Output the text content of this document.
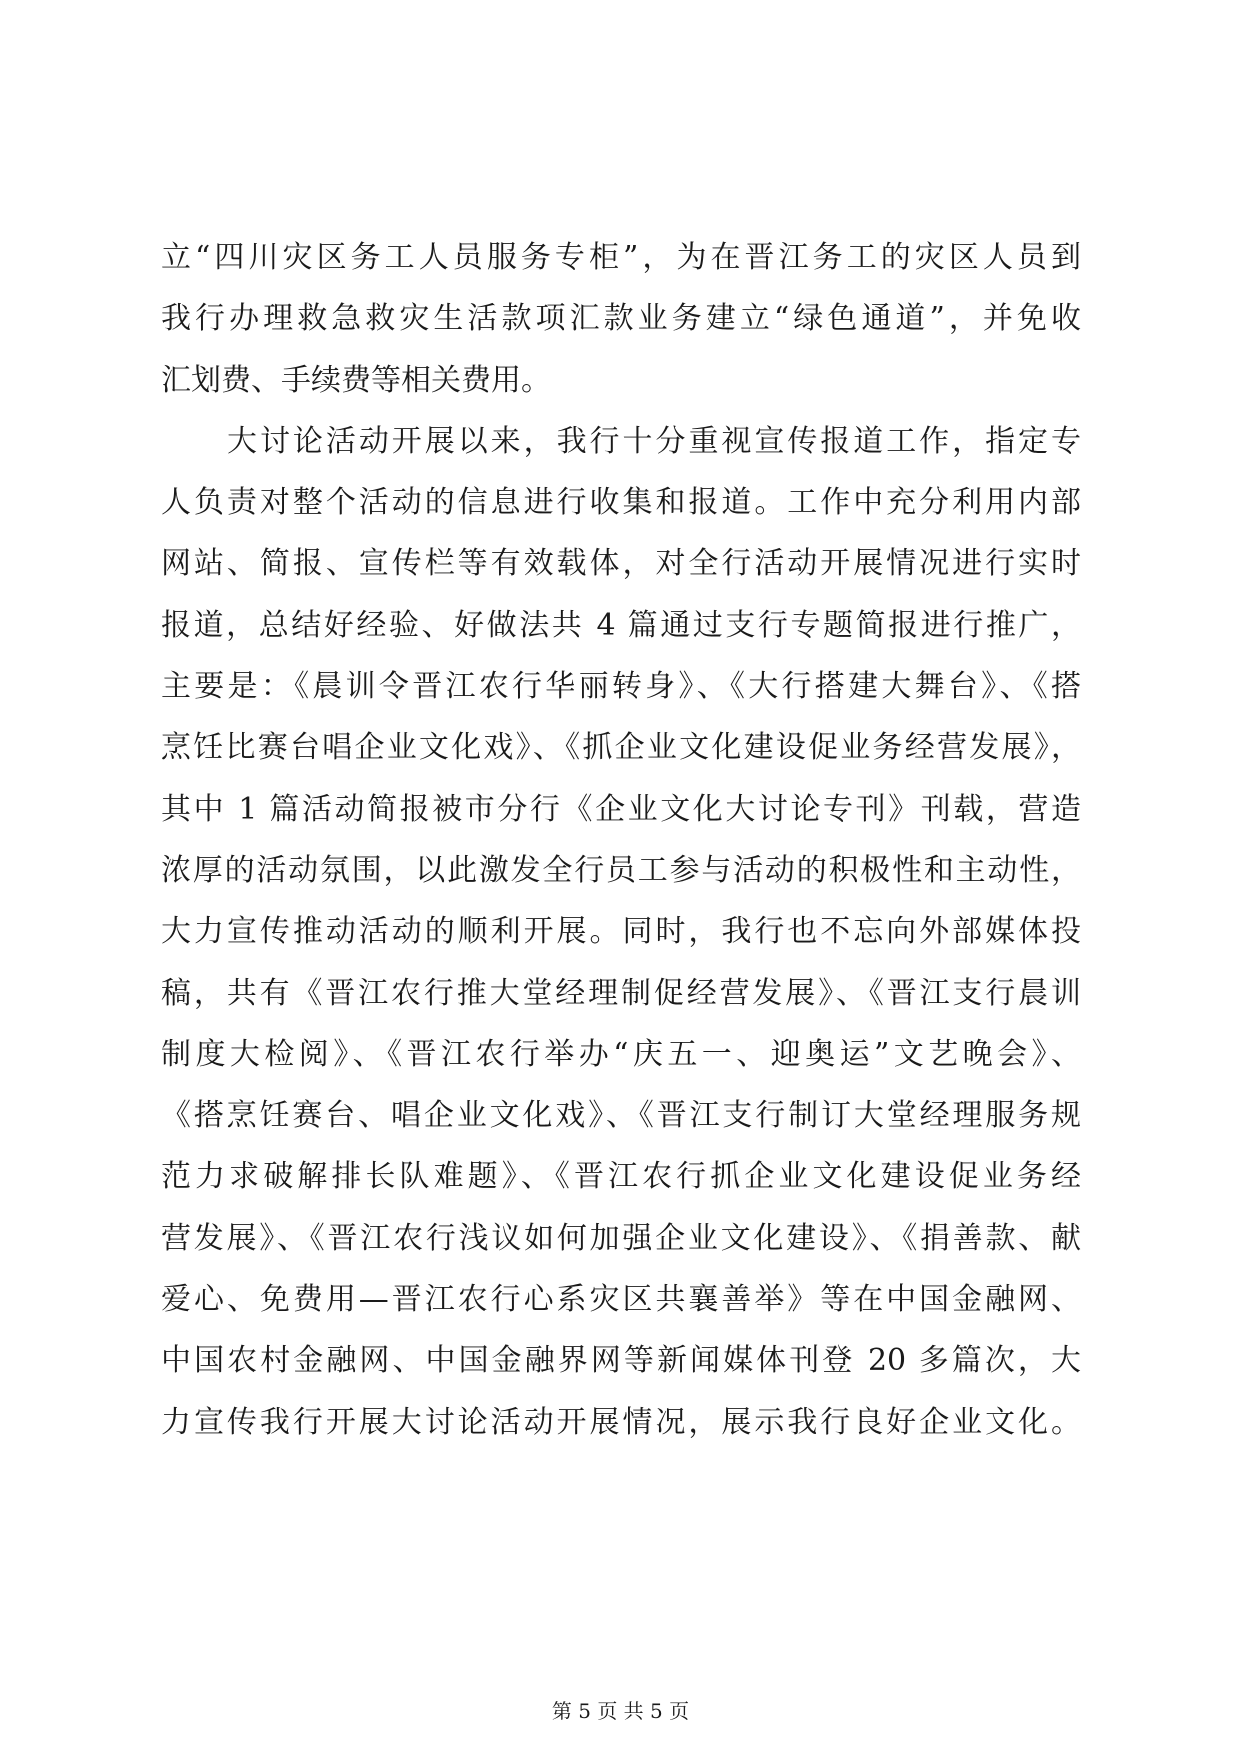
立“四川灾区务工人员服务专柜”，为在晋江务工的灾区人员到
我行办理救急救灾生活款项汇款业务建立“绿色通道”，并免收
汇划费、手续费等相关费用。
大讨论活动开展以来，我行十分重视宣传报道工作，指定专
人负责对整个活动的信息进行收集和报道。工作中充分利用内部
网站、简报、宣传栏等有效载体，对全行活动开展情况进行实时
报道，总结好经验、好做法共 4 篇通过支行专题简报进行推广，
主要是：《晨训令晋江农行华丽转身》、《大行搭建大舞台》、《搭
烹饪比赛台唱企业文化戏》、《抓企业文化建设促业务经营发展》，
其中 1 篇活动简报被市分行《企业文化大讨论专刊》刊载，营造
浓厚的活动氛围，以此激发全行员工参与活动的积极性和主动性，
大力宣传推动活动的顺利开展。同时，我行也不忘向外部媒体投
稿，共有《晋江农行推大堂经理制促经营发展》、《晋江支行晨训
制度大检阅》、《晋江农行举办“庆五一、迎奥运”文艺晚会》、
《搭烹饪赛台、唱企业文化戏》、《晋江支行制订大堂经理服务规
范力求破解排长队难题》、《晋江农行抓企业文化建设促业务经
营发展》、《晋江农行浅议如何加强企业文化建设》、《捐善款、献
爱心、免费用—晋江农行心系灾区共襄善举》等在中国金融网、
中国农村金融网、中国金融界网等新闻媒体刊登 20 多篇次，大
力宣传我行开展大讨论活动开展情况，展示我行良好企业文化。
第 5 页 共 5 页
